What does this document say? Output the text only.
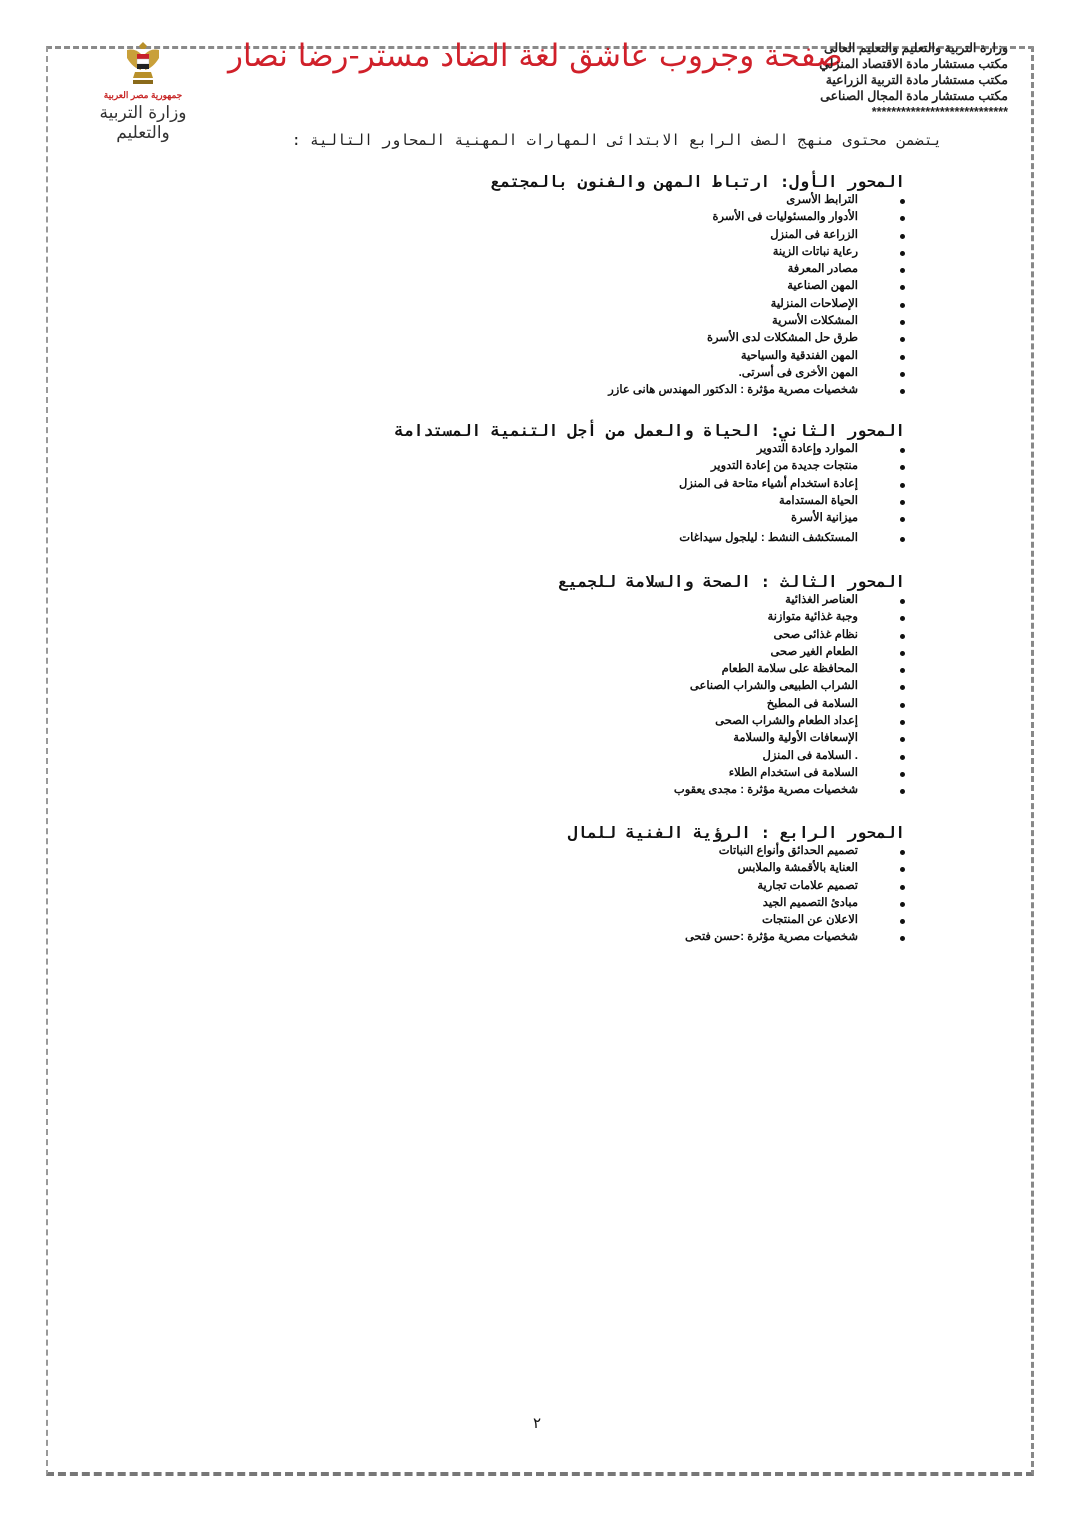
جمهورية مصر العربية
وزارة التربية والتعليم
صفحة وجروب عاشق لغة الضاد مستر-رضا نصار
وزارة التربية والتعليم والتعليم العالى
مكتب مستشار مادة الاقتصاد المنزلي
مكتب مستشار مادة التربية الزراعية
مكتب مستشار مادة المجال الصناعى
****************************
يتضمن محتوى منهج الصف الرابع الابتدائى المهارات المهنية المحاور التالية :
المحور الأول: ارتباط المهن والفنون بالمجتمع
الترابط الأسرى
الأدوار والمسئوليات فى الأسرة
الزراعة فى المنزل
رعاية نباتات الزينة
مصادر المعرفة
المهن الصناعية
الإصلاحات المنزلية
المشكلات الأسرية
طرق حل المشكلات لدى الأسرة
المهن الفندقية والسياحية
المهن الأخرى فى أسرتى.
شخصيات مصرية مؤثرة : الدكتور المهندس هانى عازر
المحور الثاني: الحياة والعمل من أجل التنمية المستدامة
الموارد وإعادة التدوير
منتجات جديدة من إعادة التدوير
إعادة استخدام أشياء متاحة فى المنزل
الحياة المستدامة
ميزانية الأسرة
المستكشف النشط : ليلجول سيداغات
المحور الثالث : الصحة والسلامة للجميع
العناصر الغذائية
وجبة غذائية متوازنة
نظام غذائى صحى
الطعام الغير صحى
المحافظة على سلامة الطعام
الشراب الطبيعى والشراب الصناعى
السلامة فى المطبخ
إعداد الطعام والشراب الصحى
الإسعافات الأولية والسلامة
. السلامة فى المنزل
السلامة فى استخدام الطلاء
شخصيات مصرية مؤثرة : مجدى يعقوب
المحور الرابع : الرؤية الفنية للمال
تصميم الحدائق وأنواع النباتات
العناية بالأقمشة والملابس
تصميم علامات تجارية
مبادئ التصميم الجيد
الاعلان عن المنتجات
شخصيات مصرية مؤثرة :حسن فتحى
٢
